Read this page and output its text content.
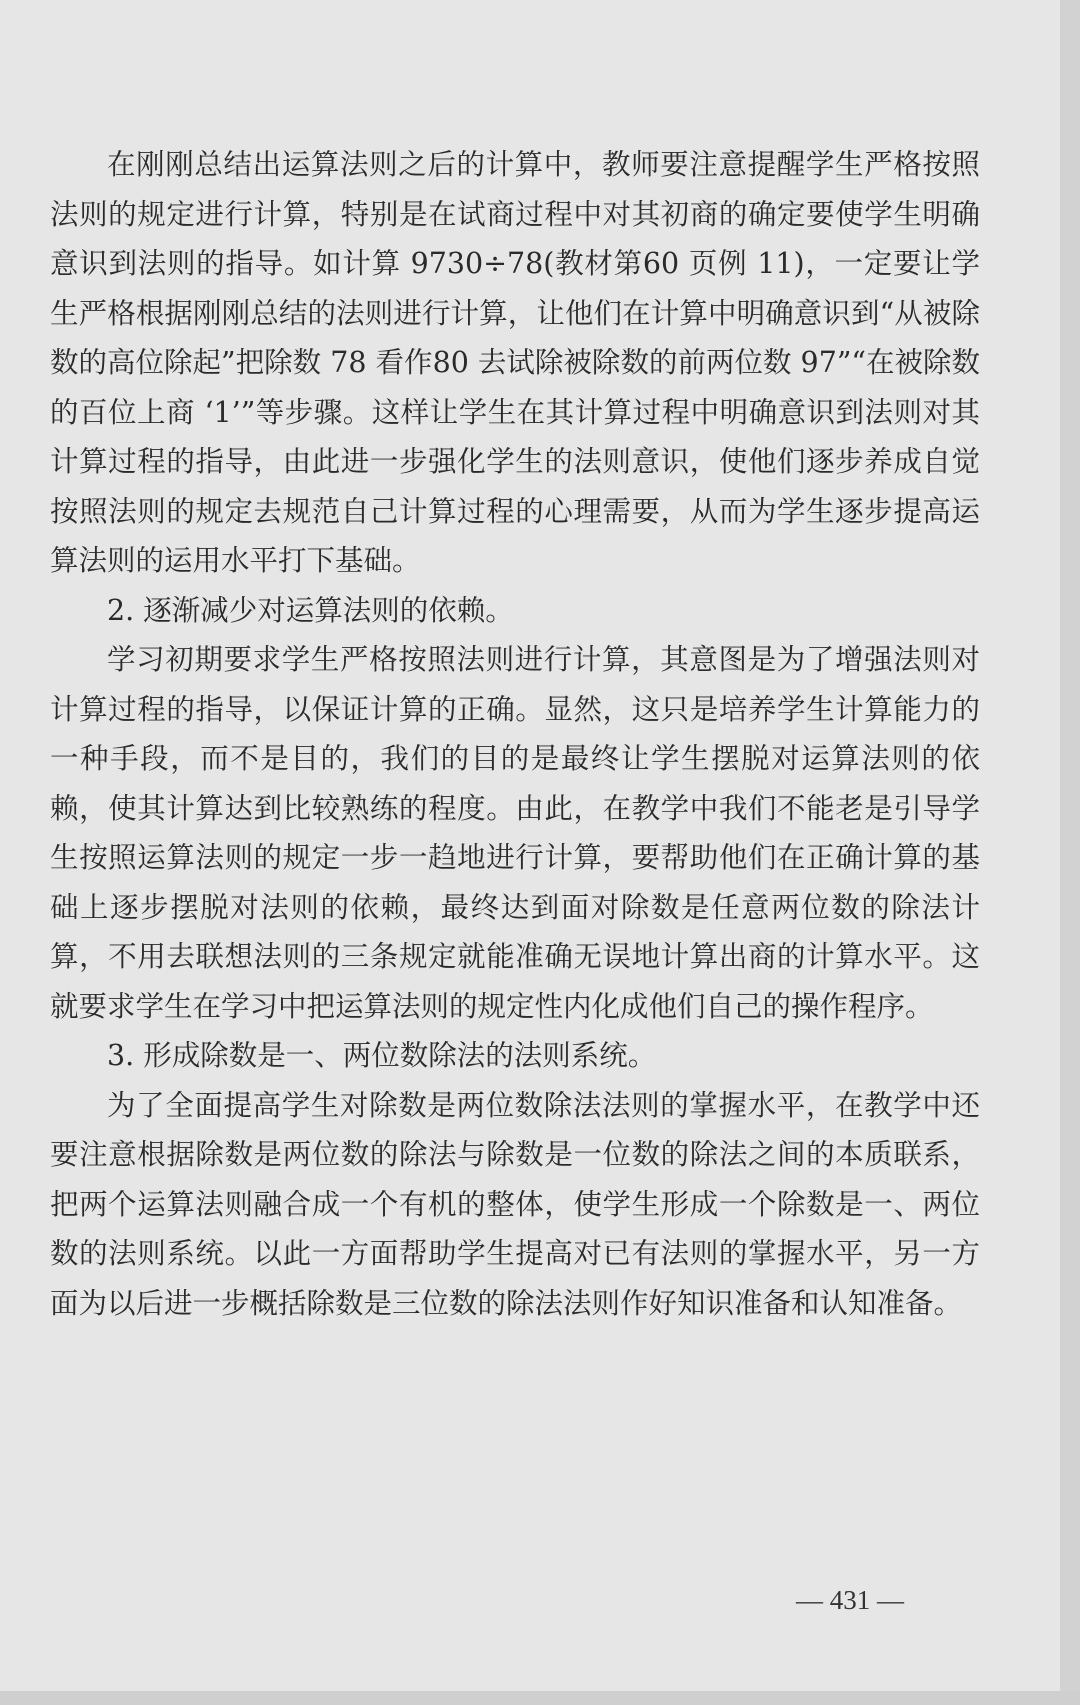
在刚刚总结出运算法则之后的计算中，教师要注意提醒学生严格按照法则的规定进行计算，特别是在试商过程中对其初商的确定要使学生明确意识到法则的指导。如计算 9730÷78(教材第60 页例 11)，一定要让学生严格根据刚刚总结的法则进行计算，让他们在计算中明确意识到“从被除数的高位除起”把除数 78 看作80 去试除被除数的前两位数 97”“在被除数的百位上商 ‘1’”等步骤。这样让学生在其计算过程中明确意识到法则对其计算过程的指导，由此进一步强化学生的法则意识，使他们逐步养成自觉按照法则的规定去规范自己计算过程的心理需要，从而为学生逐步提高运算法则的运用水平打下基础。

2. 逐渐减少对运算法则的依赖。

学习初期要求学生严格按照法则进行计算，其意图是为了增强法则对计算过程的指导，以保证计算的正确。显然，这只是培养学生计算能力的一种手段，而不是目的，我们的目的是最终让学生摆脱对运算法则的依赖，使其计算达到比较熟练的程度。由此，在教学中我们不能老是引导学生按照运算法则的规定一步一趋地进行计算，要帮助他们在正确计算的基础上逐步摆脱对法则的依赖，最终达到面对除数是任意两位数的除法计算，不用去联想法则的三条规定就能准确无误地计算出商的计算水平。这就要求学生在学习中把运算法则的规定性内化成他们自己的操作程序。

3. 形成除数是一、两位数除法的法则系统。

为了全面提高学生对除数是两位数除法法则的掌握水平，在教学中还要注意根据除数是两位数的除法与除数是一位数的除法之间的本质联系，把两个运算法则融合成一个有机的整体，使学生形成一个除数是一、两位数的法则系统。以此一方面帮助学生提高对已有法则的掌握水平，另一方面为以后进一步概括除数是三位数的除法法则作好知识准备和认知准备。

— 431 —
